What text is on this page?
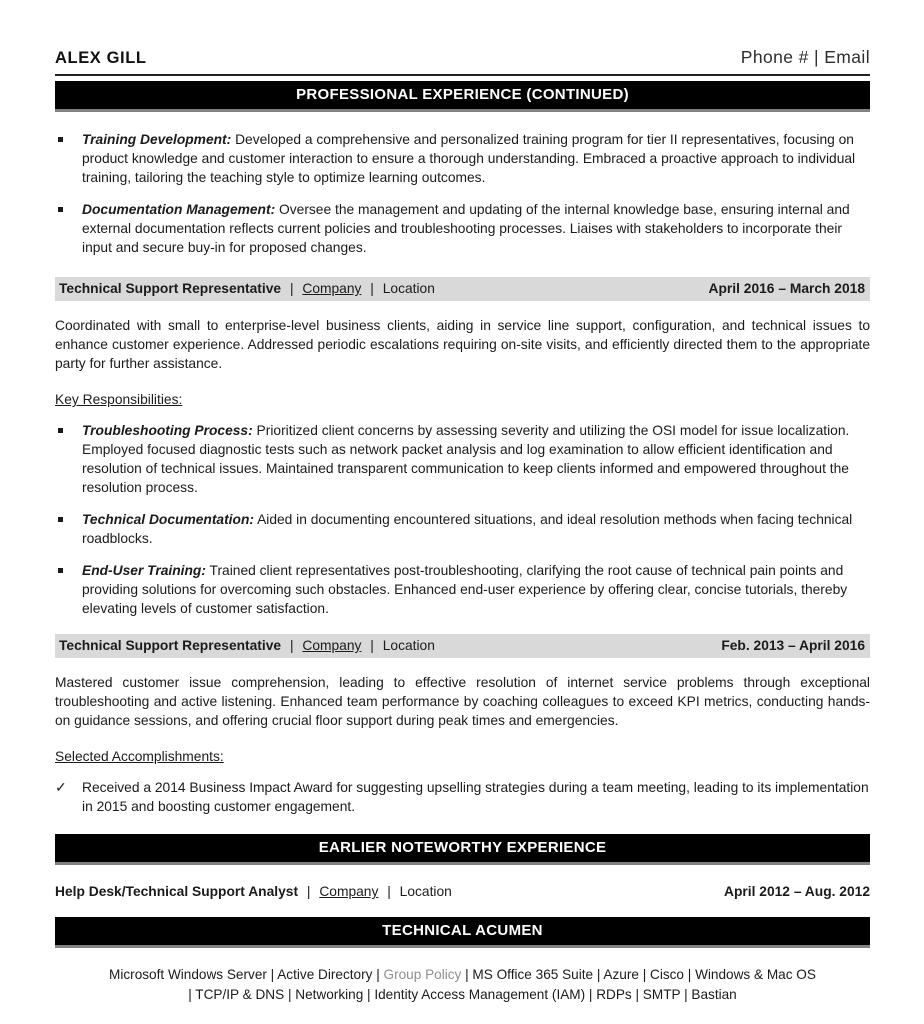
ALEX GILL	Phone # | Email
PROFESSIONAL EXPERIENCE (CONTINUED)
Training Development: Developed a comprehensive and personalized training program for tier II representatives, focusing on product knowledge and customer interaction to ensure a thorough understanding. Embraced a proactive approach to individual training, tailoring the teaching style to optimize learning outcomes.
Documentation Management: Oversee the management and updating of the internal knowledge base, ensuring internal and external documentation reflects current policies and troubleshooting processes. Liaises with stakeholders to incorporate their input and secure buy-in for proposed changes.
Technical Support Representative | Company | Location	April 2016 – March 2018

Coordinated with small to enterprise-level business clients, aiding in service line support, configuration, and technical issues to enhance customer experience. Addressed periodic escalations requiring on-site visits, and efficiently directed them to the appropriate party for further assistance.

Key Responsibilities:
Troubleshooting Process: Prioritized client concerns by assessing severity and utilizing the OSI model for issue localization. Employed focused diagnostic tests such as network packet analysis and log examination to allow efficient identification and resolution of technical issues. Maintained transparent communication to keep clients informed and empowered throughout the resolution process.
Technical Documentation: Aided in documenting encountered situations, and ideal resolution methods when facing technical roadblocks.
End-User Training: Trained client representatives post-troubleshooting, clarifying the root cause of technical pain points and providing solutions for overcoming such obstacles. Enhanced end-user experience by offering clear, concise tutorials, thereby elevating levels of customer satisfaction.
Technical Support Representative | Company | Location	Feb. 2013 – April 2016

Mastered customer issue comprehension, leading to effective resolution of internet service problems through exceptional troubleshooting and active listening. Enhanced team performance by coaching colleagues to exceed KPI metrics, conducting hands-on guidance sessions, and offering crucial floor support during peak times and emergencies.

Selected Accomplishments:
✓ Received a 2014 Business Impact Award for suggesting upselling strategies during a team meeting, leading to its implementation in 2015 and boosting customer engagement.
EARLIER NOTEWORTHY EXPERIENCE
Help Desk/Technical Support Analyst | Company | Location	April 2012 – Aug. 2012
TECHNICAL ACUMEN
Microsoft Windows Server | Active Directory | Group Policy | MS Office 365 Suite | Azure | Cisco | Windows & Mac OS
| TCP/IP & DNS | Networking | Identity Access Management (IAM) | RDPs | SMTP | Bastian
